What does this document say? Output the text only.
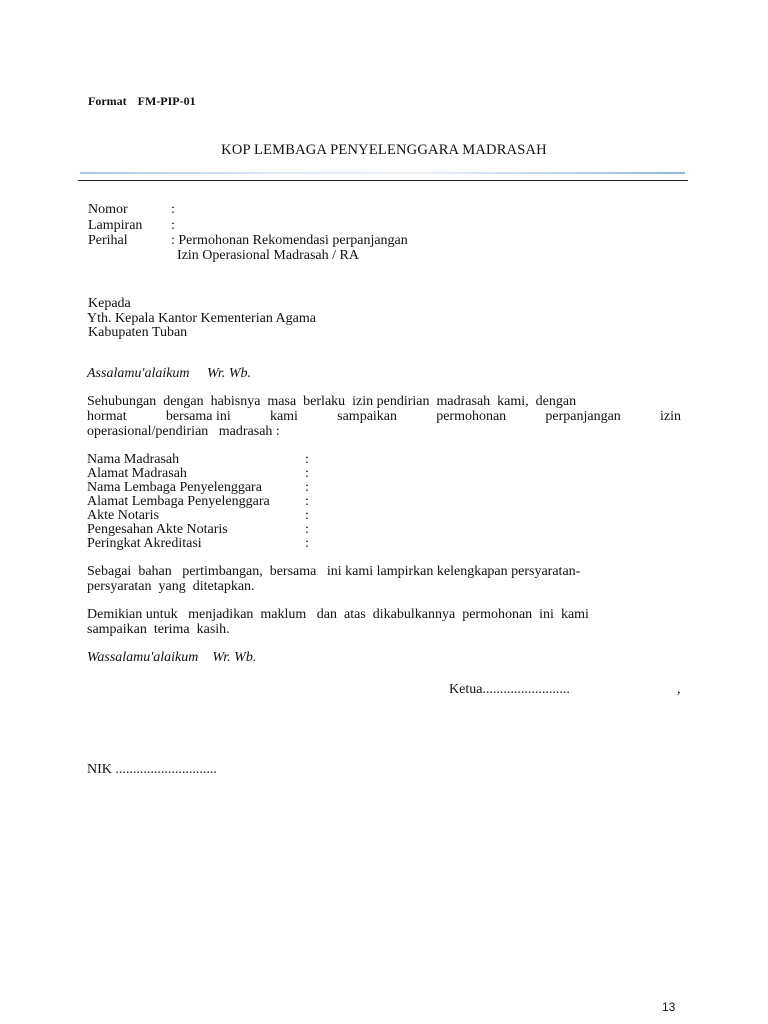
Format FM-PIP-01
KOP LEMBAGA PENYELENGGARA MADRASAH
Nomor	:
Lampiran :
Perihal	: Permohonan Rekomendasi perpanjangan
Izin Operasional Madrasah / RA
Kepada
Yth. Kepala Kantor Kementerian Agama
Kabupaten Tuban
Assalamu'alaikum     Wr. Wb.
Sehubungan  dengan  habisnya  masa  berlaku  izin pendirian  madrasah  kami,  dengan
hormat	bersama ini	kami	sampaikan	permohonan	perpanjangan	izin
operasional/pendirian   madrasah :
Nama Madrasah	:
Alamat Madrasah	:
Nama Lembaga Penyelenggara	:
Alamat Lembaga Penyelenggara	:
Akte Notaris	:
Pengesahan Akte Notaris	:
Peringkat Akreditasi	:
Sebagai  bahan   pertimbangan,  bersama   ini kami lampirkan kelengkapan persyaratan-
persyaratan  yang  ditetapkan.
Demikian untuk   menjadikan  maklum   dan  atas  dikabulkannya  permohonan  ini  kami
sampaikan  terima  kasih.
Wassalamu'alaikum    Wr. Wb.
Ketua.........................	,
NIK .............................
13
